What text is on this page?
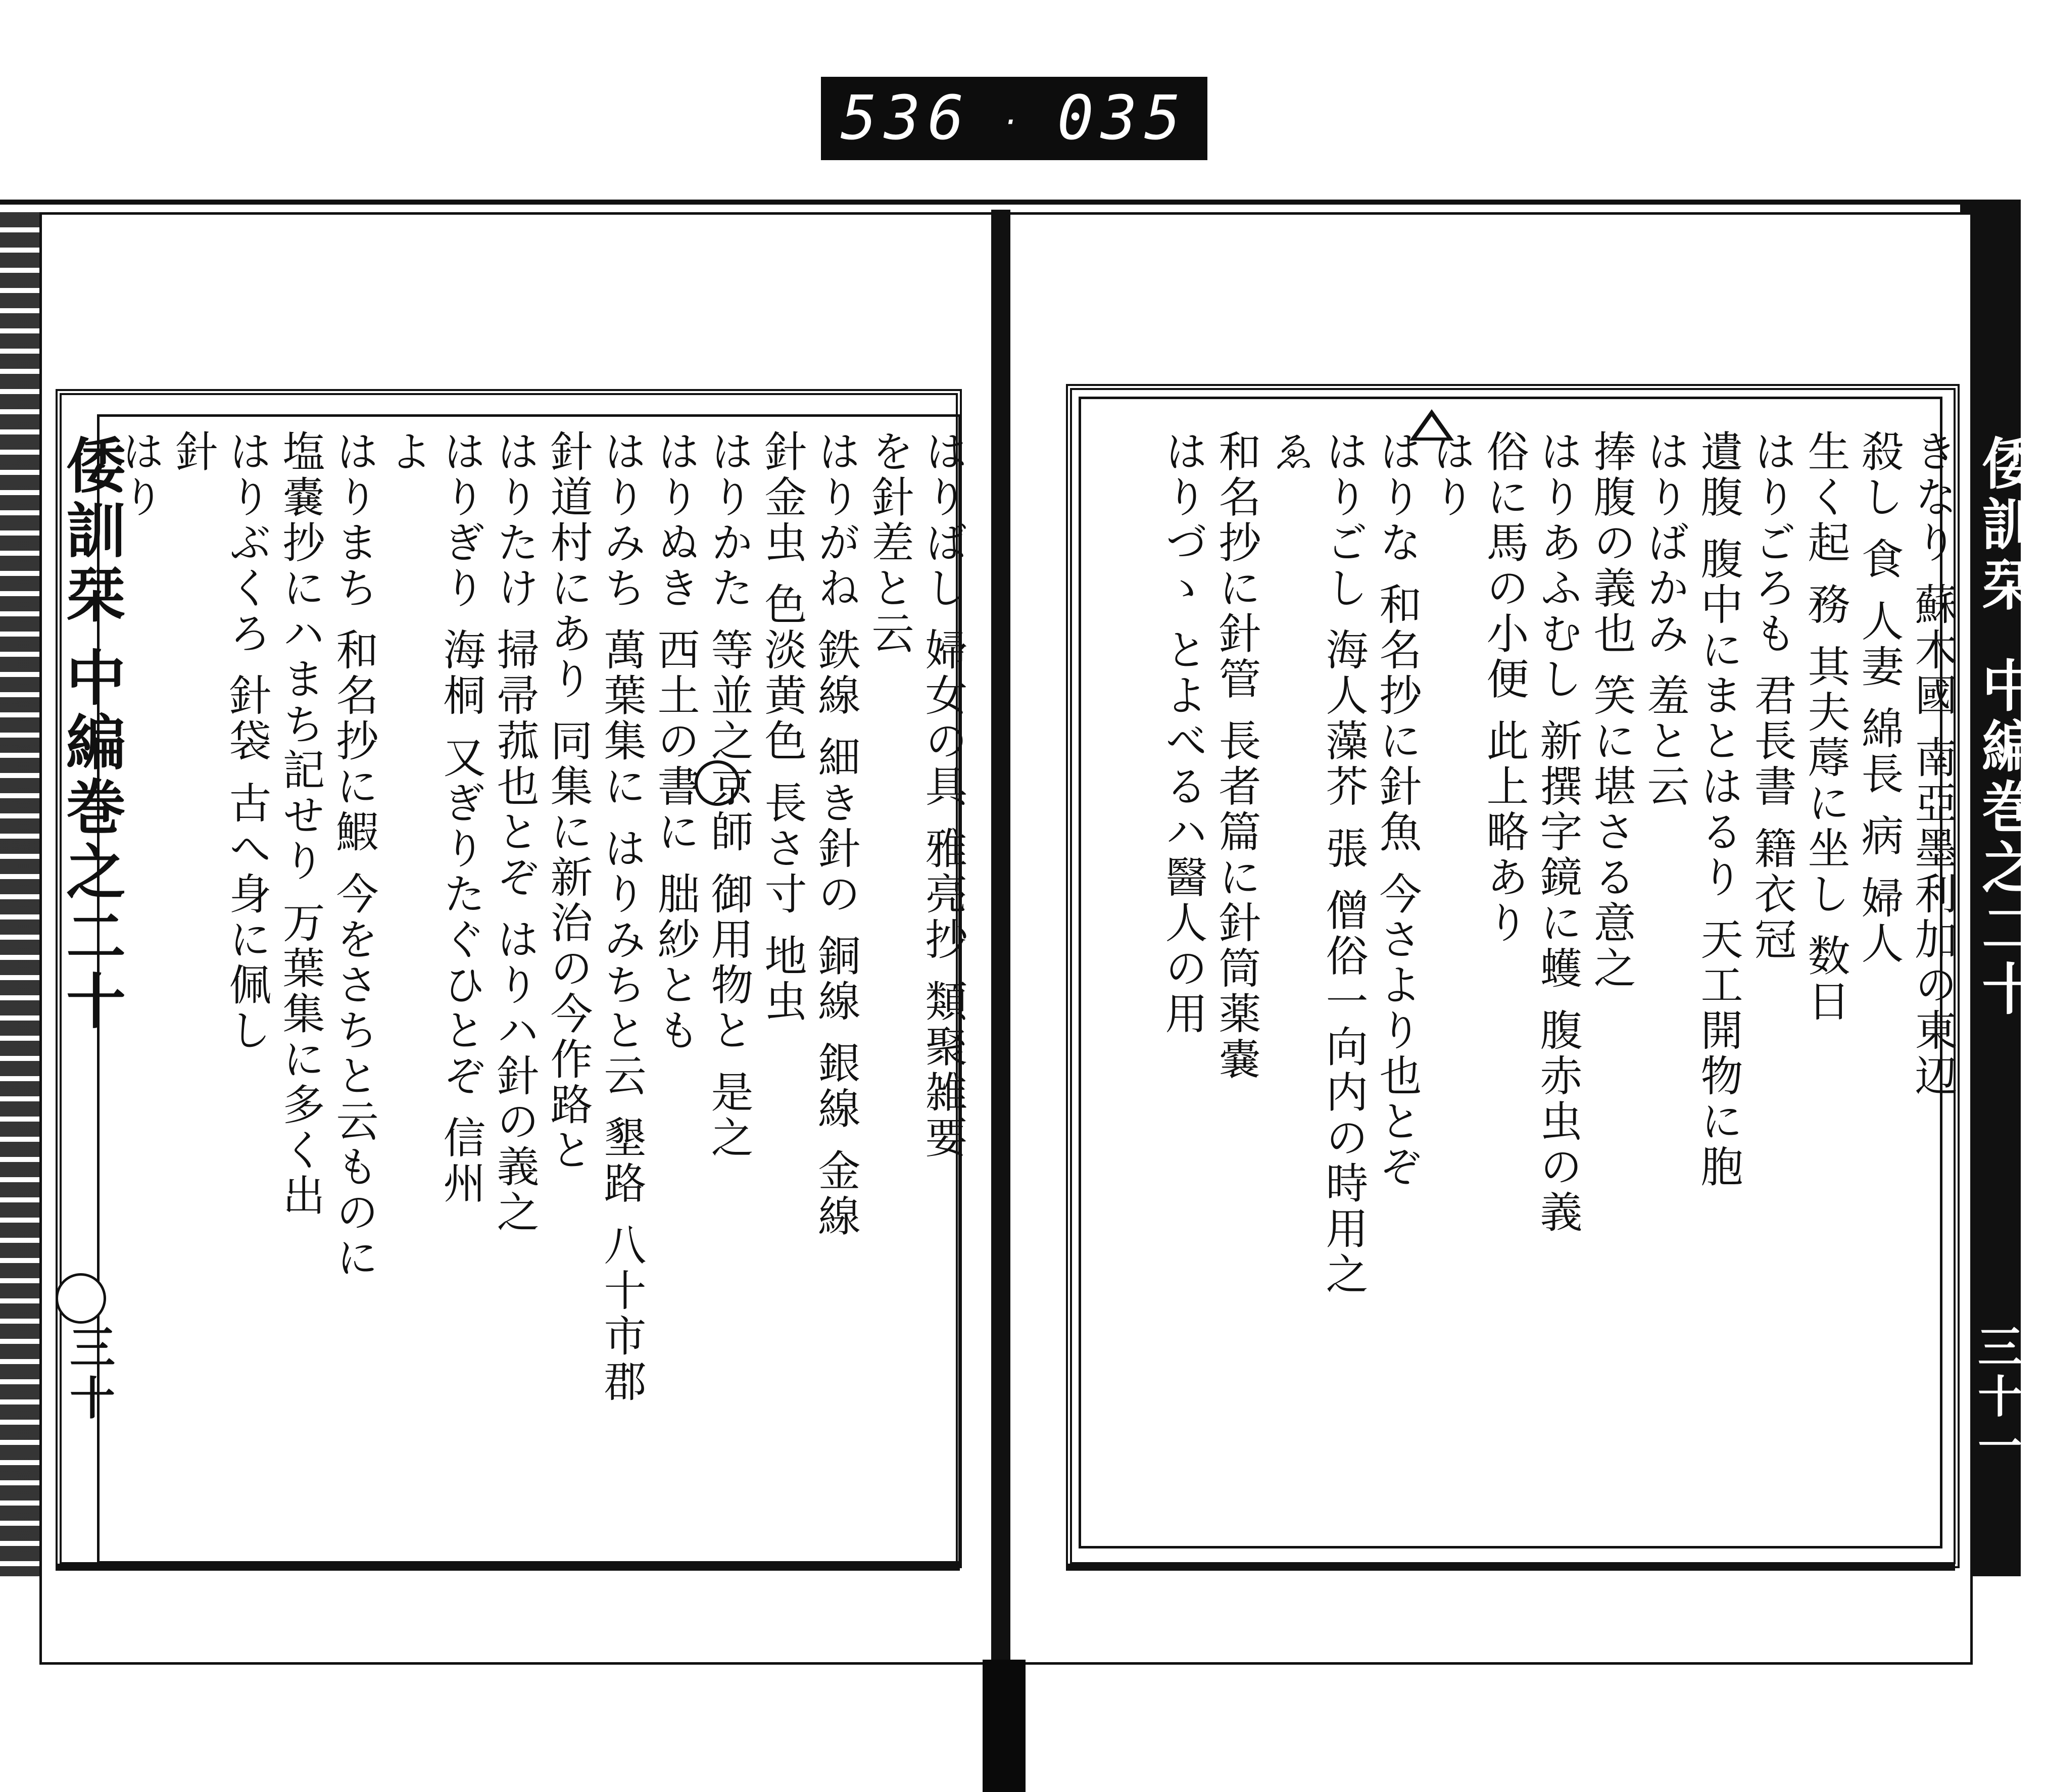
536 · 035
倭訓栞
中編巻之二十
三十
はり 針 はりぶくろ 針袋 古へ身に佩し 塩嚢抄にハまち記せり 万葉集に多く出 はりまち 和名抄に鰕 今をさちと云ものに よ はりぎり 海桐 又ぎりたぐひとぞ 信州 はりたけ 掃帚菰也とぞ はりハ針の義之 針道村にあり 同集に新治の今作路と はりみち 萬葉集に はりみちと云 墾路 八十市郡 はりぬき 西土の書に 朏紗とも はりかた 等並之京師 御用物と 是之 針金虫 色淡黄色 長さ寸 地虫 はりがね 鉄線 細き針の 銅線 銀線 金線 を針差と云 はりばし 婦女の具 雅亮抄 類聚雑要	倭訓栞
中編巻之二十
三十一
はりづゝ とよべるハ醫人の用 和名抄に針管 長者篇に針筒薬嚢 ゑ はりごし 海人藻芥 張 僧俗一向内の時用之 はりな 和名抄に針魚 今さより也とぞ はり 俗に馬の小便 此上略あり はりあふむし 新撰字鏡に蠖 腹赤虫の義 捧腹の義也 笑に堪さる意之 はりばかみ 羞と云 遺腹 腹中にまとはるり 天工開物に胞 はりごろも 君長書 籍衣冠 生く起 務 其夫蓐に坐し 数日 殺し 食 人妻 綿長 病 婦人 きなり 蘇木國 南亞墨利加の東辺
